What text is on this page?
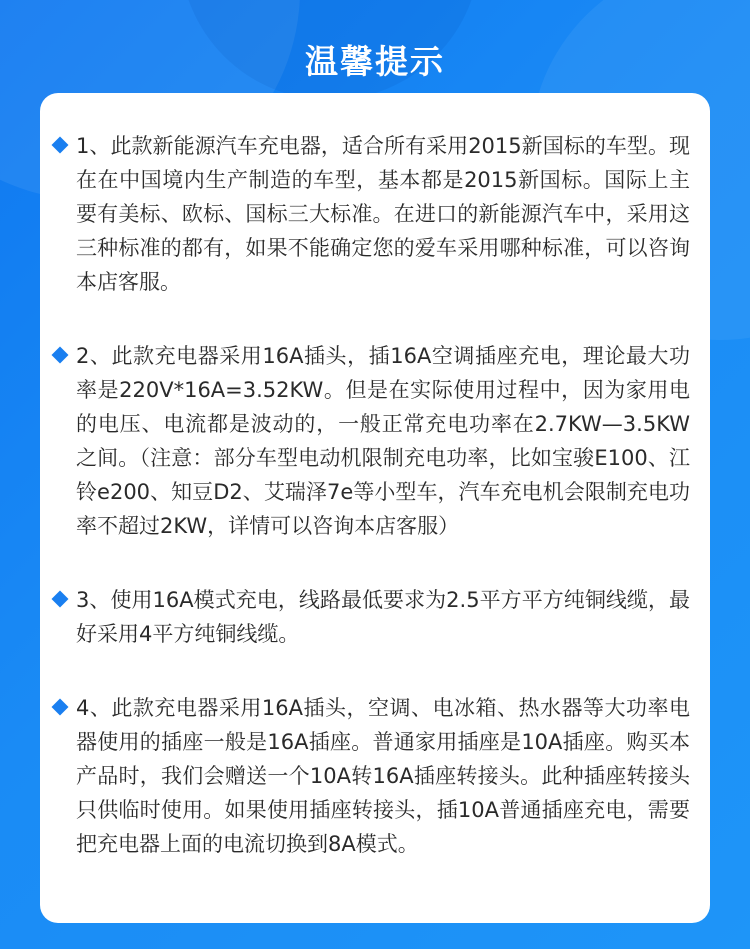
温馨提示
1、此款新能源汽车充电器，适合所有采用2015新国标的车型。现在在中国境内生产制造的车型，基本都是2015新国标。国际上主要有美标、欧标、国标三大标准。在进口的新能源汽车中，采用这三种标准的都有，如果不能确定您的爱车采用哪种标准，可以咨询本店客服。
2、此款充电器采用16A插头，插16A空调插座充电，理论最大功率是220V*16A=3.52KW。但是在实际使用过程中，因为家用电的电压、电流都是波动的，一般正常充电功率在2.7KW—3.5KW之间。（注意：部分车型电动机限制充电功率，比如宝骏E100、江铃e200、知豆D2、艾瑞泽7e等小型车，汽车充电机会限制充电功率不超过2KW，详情可以咨询本店客服）
3、使用16A模式充电，线路最低要求为2.5平方平方纯铜线缆，最好采用4平方纯铜线缆。
4、此款充电器采用16A插头，空调、电冰箱、热水器等大功率电器使用的插座一般是16A插座。普通家用插座是10A插座。购买本产品时，我们会赠送一个10A转16A插座转接头。此种插座转接头只供临时使用。如果使用插座转接头，插10A普通插座充电，需要把充电器上面的电流切换到8A模式。
